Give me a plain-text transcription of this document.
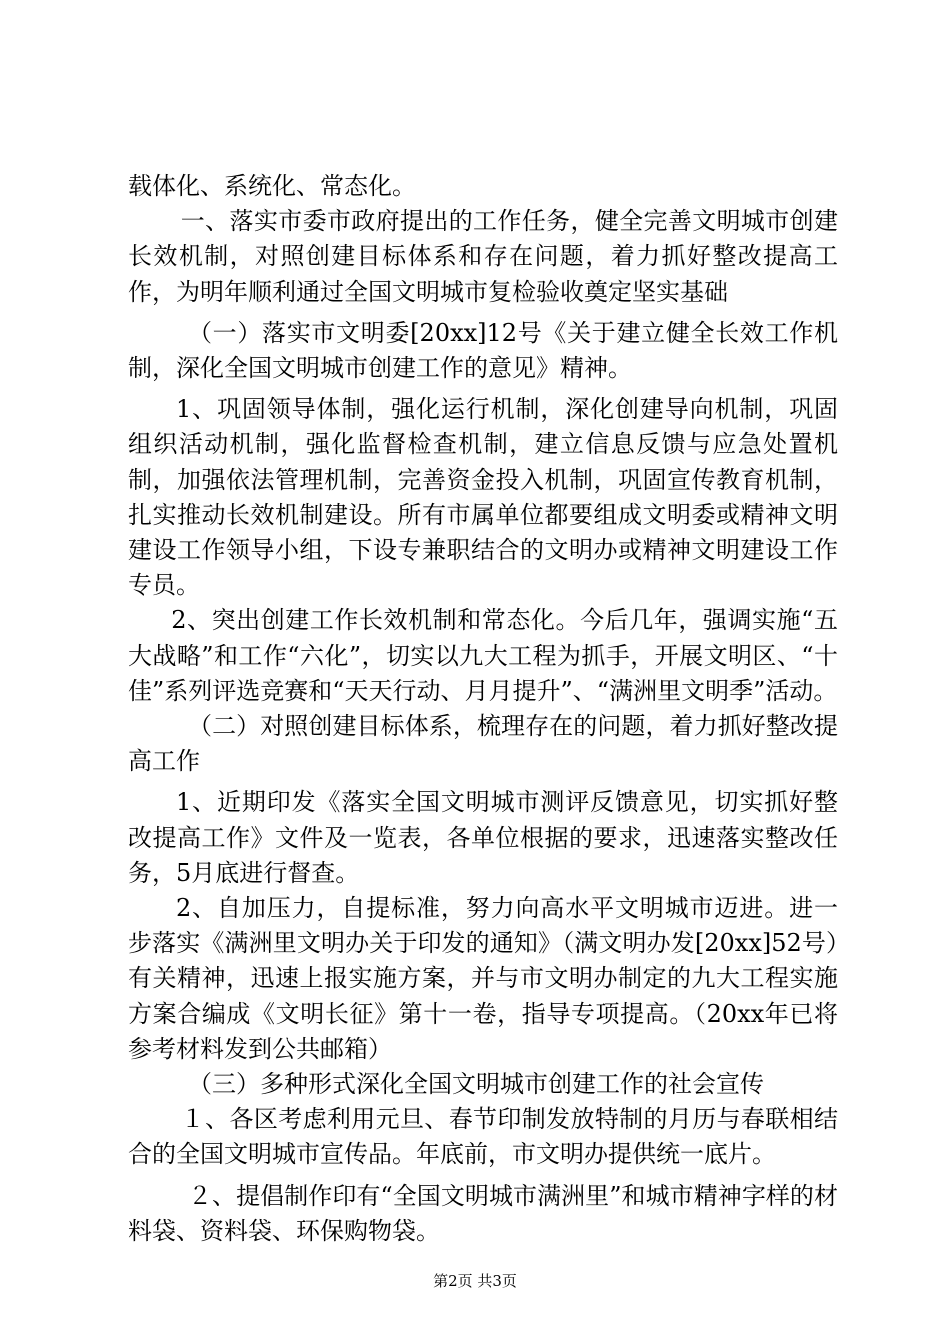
载体化、系统化、常态化。

一、落实市委市政府提出的工作任务，健全完善文明城市创建长效机制，对照创建目标体系和存在问题，着力抓好整改提高工作，为明年顺利通过全国文明城市复检验收奠定坚实基础

（一）落实市文明委[20xx]12号《关于建立健全长效工作机制，深化全国文明城市创建工作的意见》精神。

1、巩固领导体制，强化运行机制，深化创建导向机制，巩固组织活动机制，强化监督检查机制，建立信息反馈与应急处置机制，加强依法管理机制，完善资金投入机制，巩固宣传教育机制，扎实推动长效机制建设。所有市属单位都要组成文明委或精神文明建设工作领导小组，下设专兼职结合的文明办或精神文明建设工作专员。

2、突出创建工作长效机制和常态化。今后几年，强调实施“五大战略”和工作“六化”，切实以九大工程为抓手，开展文明区、“十佳”系列评选竞赛和“天天行动、月月提升”、“满洲里文明季”活动。

（二）对照创建目标体系，梳理存在的问题，着力抓好整改提高工作

1、近期印发《落实全国文明城市测评反馈意见，切实抓好整改提高工作》文件及一览表，各单位根据的要求，迅速落实整改任务，5月底进行督查。

2、自加压力，自提标准，努力向高水平文明城市迈进。进一步落实《满洲里文明办关于印发的通知》（满文明办发[20xx]52号）有关精神，迅速上报实施方案，并与市文明办制定的九大工程实施方案合编成《文明长征》第十一卷，指导专项提高。（20xx年已将参考材料发到公共邮箱）

（三）多种形式深化全国文明城市创建工作的社会宣传

１、各区考虑利用元旦、春节印制发放特制的月历与春联相结合的全国文明城市宣传品。年底前，市文明办提供统一底片。

２、提倡制作印有“全国文明城市满洲里”和城市精神字样的材料袋、资料袋、环保购物袋。

第2页 共3页
